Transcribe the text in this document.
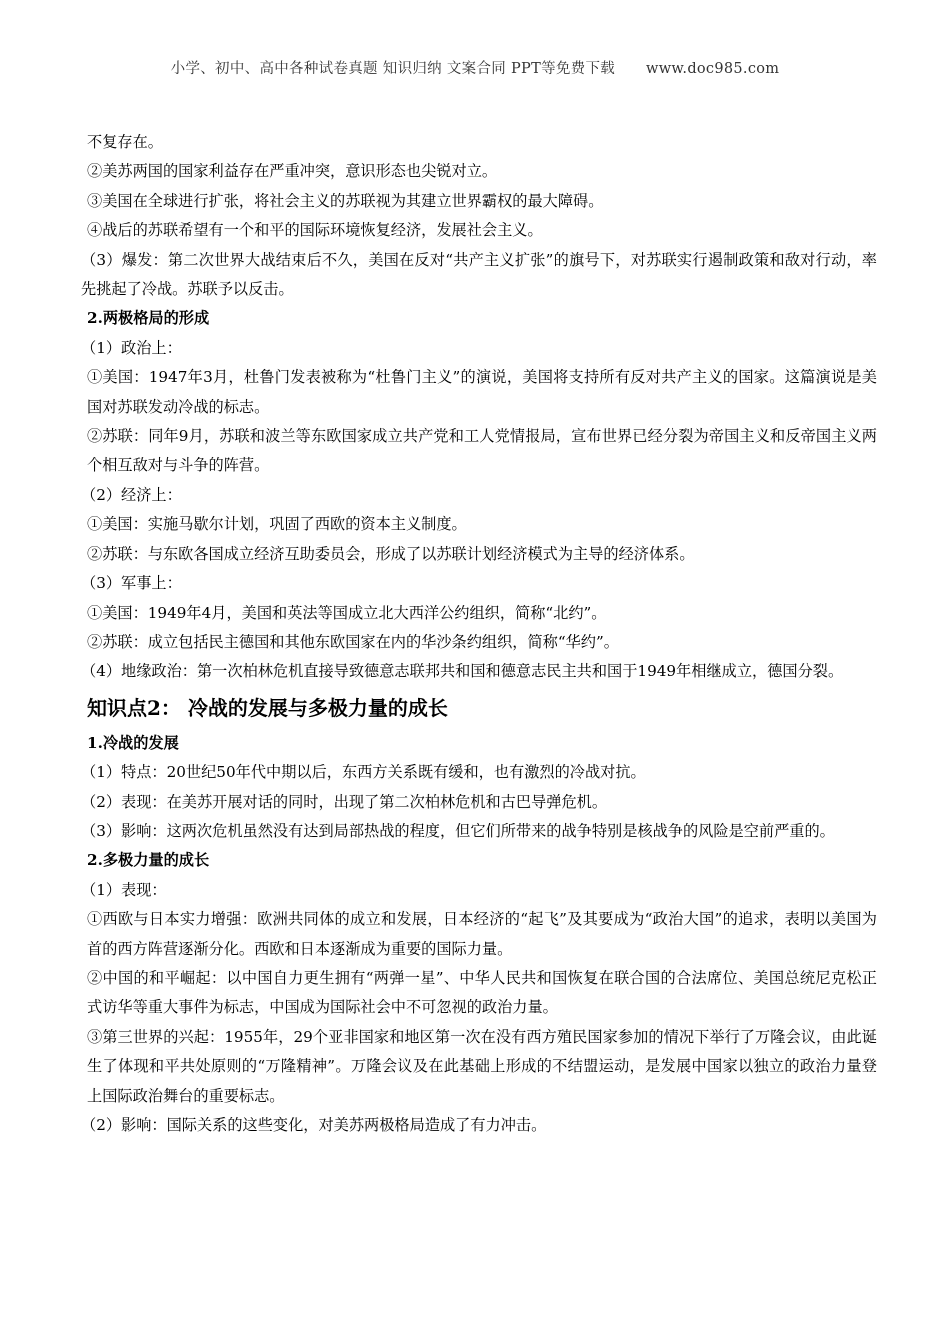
小学、初中、高中各种试卷真题 知识归纳 文案合同 PPT等免费下载 www.doc985.com

不复存在。

②美苏两国的国家利益存在严重冲突，意识形态也尖锐对立。

③美国在全球进行扩张，将社会主义的苏联视为其建立世界霸权的最大障碍。

④战后的苏联希望有一个和平的国际环境恢复经济，发展社会主义。

（3）爆发：第二次世界大战结束后不久，美国在反对“共产主义扩张”的旗号下，对苏联实行遏制政策和敌对行动，率先挑起了冷战。苏联予以反击。

2.两极格局的形成

（1）政治上：

①美国：1947年3月，杜鲁门发表被称为“杜鲁门主义”的演说，美国将支持所有反对共产主义的国家。这篇演说是美国对苏联发动冷战的标志。

②苏联：同年9月，苏联和波兰等东欧国家成立共产党和工人党情报局，宣布世界已经分裂为帝国主义和反帝国主义两个相互敌对与斗争的阵营。

（2）经济上：

①美国：实施马歇尔计划，巩固了西欧的资本主义制度。

②苏联：与东欧各国成立经济互助委员会，形成了以苏联计划经济模式为主导的经济体系。

（3）军事上：

①美国：1949年4月，美国和英法等国成立北大西洋公约组织，简称“北约”。

②苏联：成立包括民主德国和其他东欧国家在内的华沙条约组织，简称“华约”。

（4）地缘政治：第一次柏林危机直接导致德意志联邦共和国和德意志民主共和国于1949年相继成立，德国分裂。

知识点2： 冷战的发展与多极力量的成长

1.冷战的发展

（1）特点：20世纪50年代中期以后，东西方关系既有缓和，也有激烈的冷战对抗。

（2）表现：在美苏开展对话的同时，出现了第二次柏林危机和古巴导弹危机。

（3）影响：这两次危机虽然没有达到局部热战的程度，但它们所带来的战争特别是核战争的风险是空前严重的。

2.多极力量的成长

（1）表现：

①西欧与日本实力增强：欧洲共同体的成立和发展，日本经济的“起飞”及其要成为“政治大国”的追求，表明以美国为首的西方阵营逐渐分化。西欧和日本逐渐成为重要的国际力量。

②中国的和平崛起：以中国自力更生拥有“两弹一星”、中华人民共和国恢复在联合国的合法席位、美国总统尼克松正式访华等重大事件为标志，中国成为国际社会中不可忽视的政治力量。

③第三世界的兴起：1955年，29个亚非国家和地区第一次在没有西方殖民国家参加的情况下举行了万隆会议，由此诞生了体现和平共处原则的“万隆精神”。万隆会议及在此基础上形成的不结盟运动，是发展中国家以独立的政治力量登上国际政治舞台的重要标志。

（2）影响：国际关系的这些变化，对美苏两极格局造成了有力冲击。
